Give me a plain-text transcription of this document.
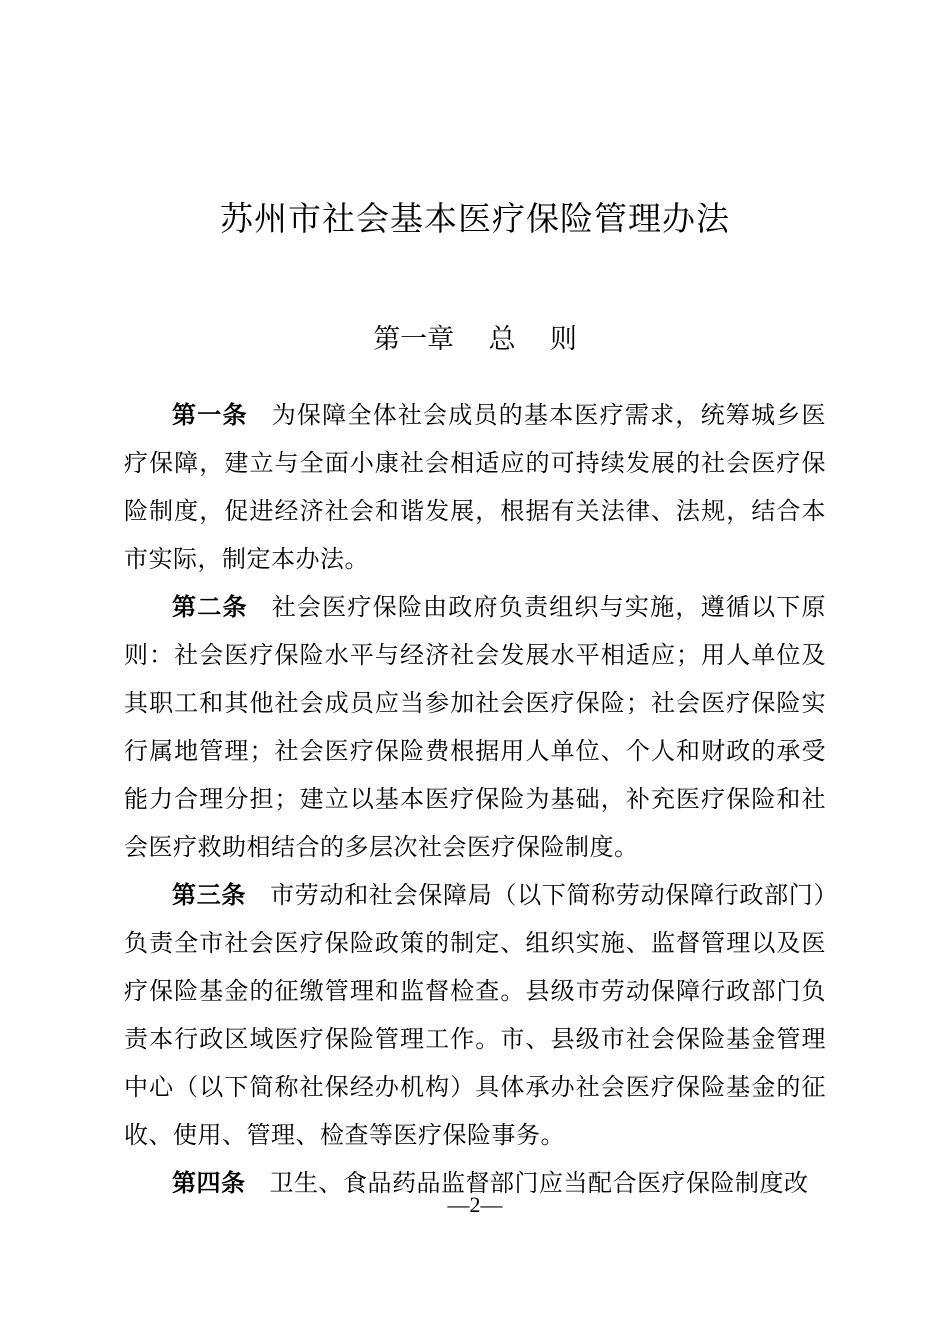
苏州市社会基本医疗保险管理办法
第一章    总    则

第一条 为保障全体社会成员的基本医疗需求，统筹城乡医疗保障，建立与全面小康社会相适应的可持续发展的社会医疗保险制度，促进经济社会和谐发展，根据有关法律、法规，结合本市实际，制定本办法。

第二条 社会医疗保险由政府负责组织与实施，遵循以下原则：社会医疗保险水平与经济社会发展水平相适应；用人单位及其职工和其他社会成员应当参加社会医疗保险；社会医疗保险实行属地管理；社会医疗保险费根据用人单位、个人和财政的承受能力合理分担；建立以基本医疗保险为基础，补充医疗保险和社会医疗救助相结合的多层次社会医疗保险制度。

第三条 市劳动和社会保障局（以下简称劳动保障行政部门）负责全市社会医疗保险政策的制定、组织实施、监督管理以及医疗保险基金的征缴管理和监督检查。县级市劳动保障行政部门负责本行政区域医疗保险管理工作。市、县级市社会保险基金管理中心（以下简称社保经办机构）具体承办社会医疗保险基金的征收、使用、管理、检查等医疗保险事务。

第四条 卫生、食品药品监督部门应当配合医疗保险制度改

—2—
